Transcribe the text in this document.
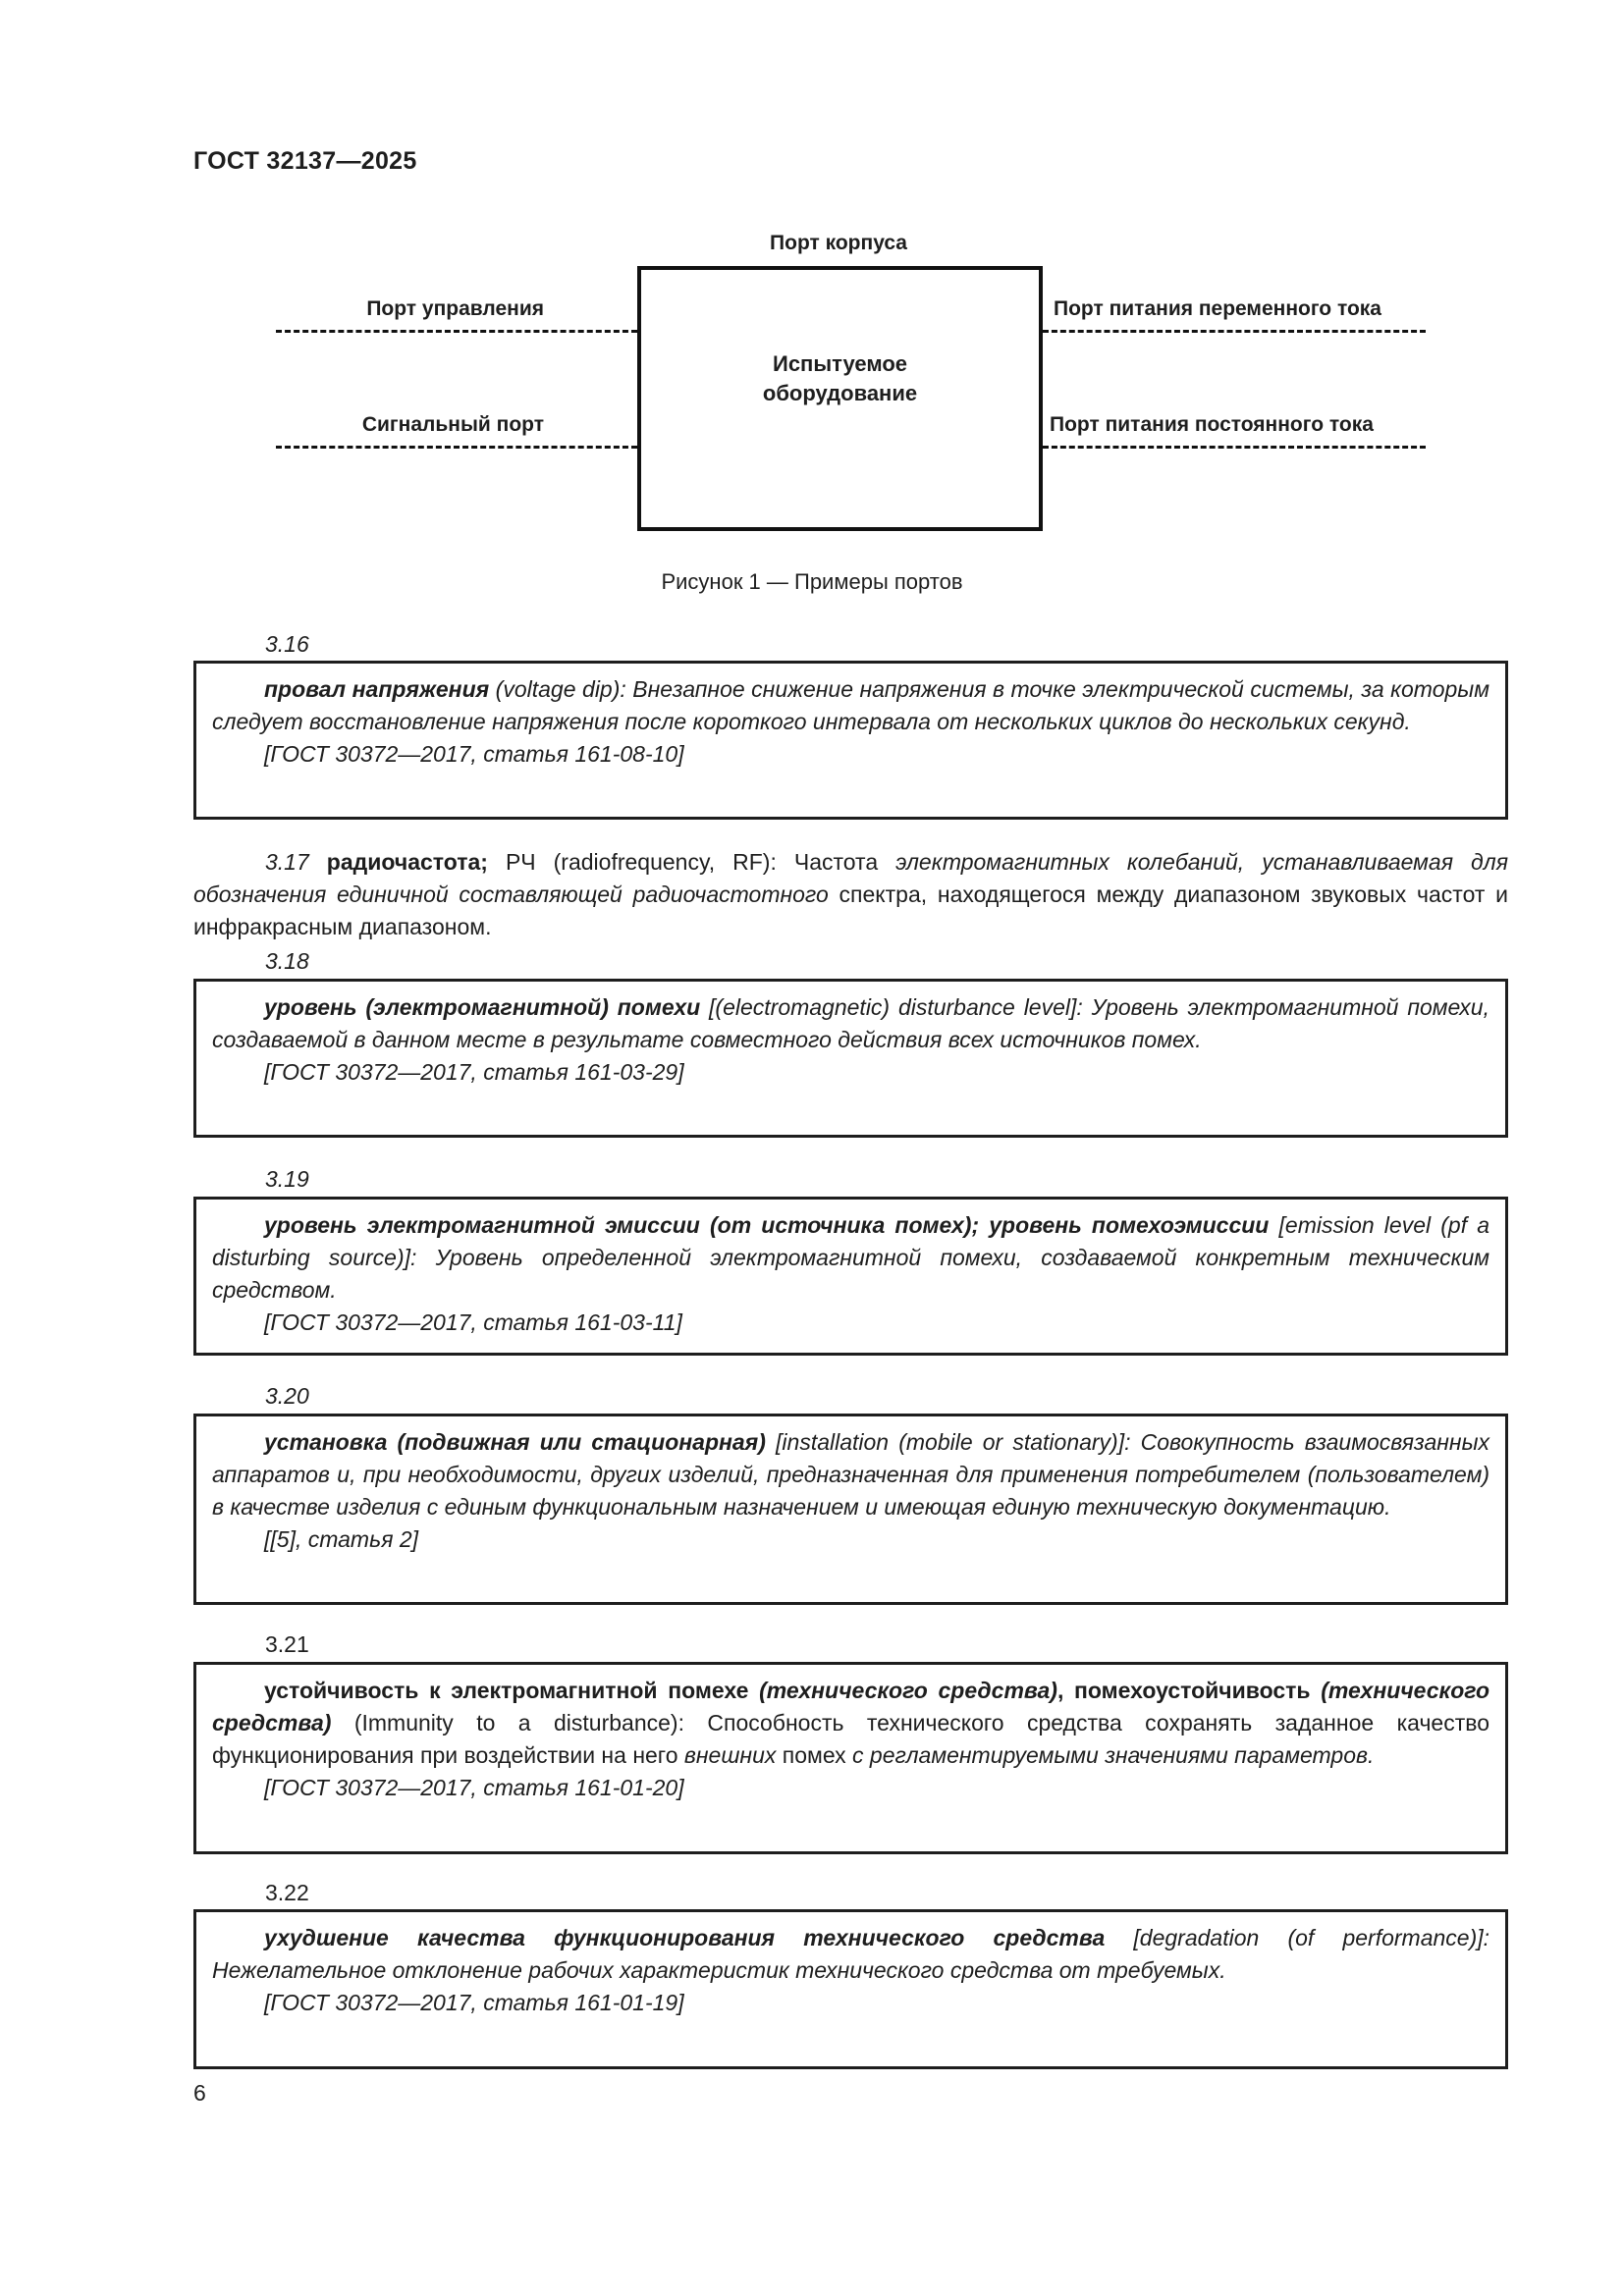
ГОСТ 32137—2025
Порт корпуса
Испытуемое
оборудование
Порт управления
Сигнальный порт
Порт питания переменного тока
Порт питания постоянного тока
Рисунок 1 — Примеры портов
3.16

провал напряжения (voltage dip): Внезапное снижение напряжения в точке электрической системы, за которым следует восстановление напряжения после короткого интервала от нескольких циклов до нескольких секунд.

[ГОСТ 30372—2017, статья 161-08-10]

3.17 радиочастота; РЧ (radiofrequency, RF): Частота электромагнитных колебаний, устанавливаемая для обозначения единичной составляющей радиочастотного спектра, находящегося между диапазоном звуковых частот и инфракрасным диапазоном.

3.18

уровень (электромагнитной) помехи [(electromagnetic) disturbance level]: Уровень электромагнитной помехи, создаваемой в данном месте в результате совместного действия всех источников помех.

[ГОСТ 30372—2017, статья 161-03-29]

3.19

уровень электромагнитной эмиссии (от источника помех); уровень помехоэмиссии [emission level (pf a disturbing source)]: Уровень определенной электромагнитной помехи, создаваемой конкретным техническим средством.

[ГОСТ 30372—2017, статья 161-03-11]

3.20

установка (подвижная или стационарная) [installation (mobile or stationary)]: Совокупность взаимосвязанных аппаратов и, при необходимости, других изделий, предназначенная для применения потребителем (пользователем) в качестве изделия с единым функциональным назначением и имеющая единую техническую документацию.

[[5], статья 2]

3.21

устойчивость к электромагнитной помехе (технического средства), помехоустойчивость (технического средства) (Immunity to a disturbance): Способность технического средства сохранять заданное качество функционирования при воздействии на него внешних помех с регламентируемыми значениями параметров.

[ГОСТ 30372—2017, статья 161-01-20]

3.22

ухудшение качества функционирования технического средства [degradation (of performance)]: Нежелательное отклонение рабочих характеристик технического средства от требуемых.

[ГОСТ 30372—2017, статья 161-01-19]

6
